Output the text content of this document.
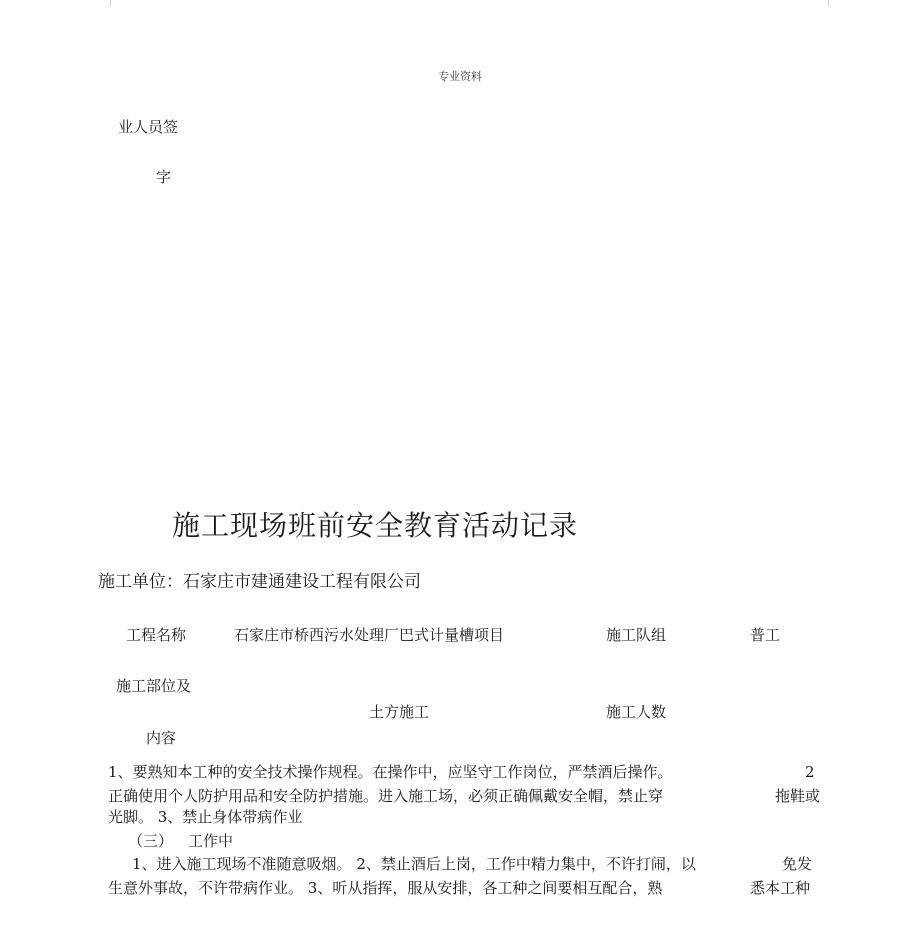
专业资料
业人员签
字
施工现场班前安全教育活动记录
施工单位：石家庄市建通建设工程有限公司
工程名称	石家庄市桥西污水处理厂巴式计量槽项目	施工队组	普工
施工部位及
土方施工	施工人数
内容
1、要熟知本工种的安全技术操作规程。在操作中，应坚守工作岗位，严禁酒后操作。	2
正确使用个人防护用品和安全防护措施。进入施工场，必须正确佩戴安全帽，禁止穿	拖鞋或
光脚。 3、禁止身体带病作业
（三） 工作中
1、进入施工现场不准随意吸烟。 2、禁止酒后上岗，工作中精力集中，不许打闹，以	免发
生意外事故，不许带病作业。 3、听从指挥，服从安排，各工种之间要相互配合，熟	悉本工种
